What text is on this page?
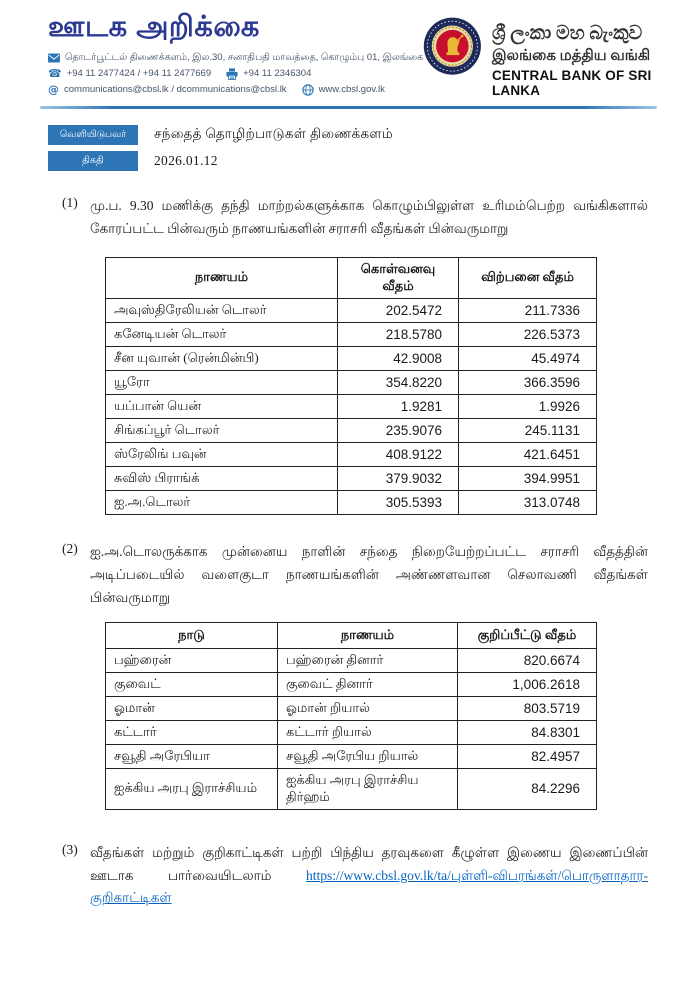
ஊடக அறிக்கை
தொடர்பூட்டல் திணைக்களம், இல.30, சனாதிபதி மாவத்தை, கொழும்பு 01, இலங்கை
☎ +94 11 2477424 / +94 11 2477669	+94 11 2346304
@ communications@cbsl.lk / dcommunications@cbsl.lk	www.cbsl.gov.lk
ශ්‍රී ලංකා මහ බැංකුව
இலங்கை மத்திய வங்கி
CENTRAL BANK OF SRI LANKA
வெளியிடுபவர்	சந்தைத் தொழிற்பாடுகள் திணைக்களம்
திகதி	2026.01.12
(1) மு.ப. 9.30 மணிக்கு தந்தி மாற்றல்களுக்காக கொழும்பிலுள்ள உரிமம்பெற்ற வங்கிகளால் கோரப்பட்ட பின்வரும் நாணயங்களின் சராசரி வீதங்கள் பின்வருமாறு
நாணயம்	கொள்வனவு வீதம்	விற்பனை வீதம்
அவுஸ்திரேலியன் டொலர்	202.5472	211.7336
கனேடியன் டொலர்	218.5780	226.5373
சீன யுவான் (ரென்மின்பி)	42.9008	45.4974
யூரோ	354.8220	366.3596
யப்பான் யென்	1.9281	1.9926
சிங்கப்பூர் டொலர்	235.9076	245.1131
ஸ்ரேலிங் பவுன்	408.9122	421.6451
சுவிஸ் பிராங்க்	379.9032	394.9951
ஐ.அ.டொலர்	305.5393	313.0748
(2) ஐ.அ.டொலருக்காக முன்னைய நாளின் சந்தை நிறையேற்றப்பட்ட சராசரி வீதத்தின் அடிப்படையில் வளைகுடா நாணயங்களின் அண்ணளவான செலாவணி வீதங்கள் பின்வருமாறு
நாடு	நாணயம்	குறிப்பீட்டு வீதம்
பஹ்ரைன்	பஹ்ரைன் தினார்	820.6674
குவைட்	குவைட் தினார்	1,006.2618
ஓமான்	ஓமான் றியால்	803.5719
கட்டார்	கட்டார் றியால்	84.8301
சவூதி அரேபியா	சவூதி அரேபிய றியால்	82.4957
ஐக்கிய அரபு இராச்சியம்	ஐக்கிய அரபு இராச்சிய திர்ஹம்	84.2296
(3) வீதங்கள் மற்றும் குறிகாட்டிகள் பற்றி பிந்திய தரவுகளை கீழுள்ள இணைய இணைப்பின் ஊடாக பார்வையிடலாம் https://www.cbsl.gov.lk/ta/புள்ளி-விபரங்கள்/பொருளாதார-குறிகாட்டிகள்
